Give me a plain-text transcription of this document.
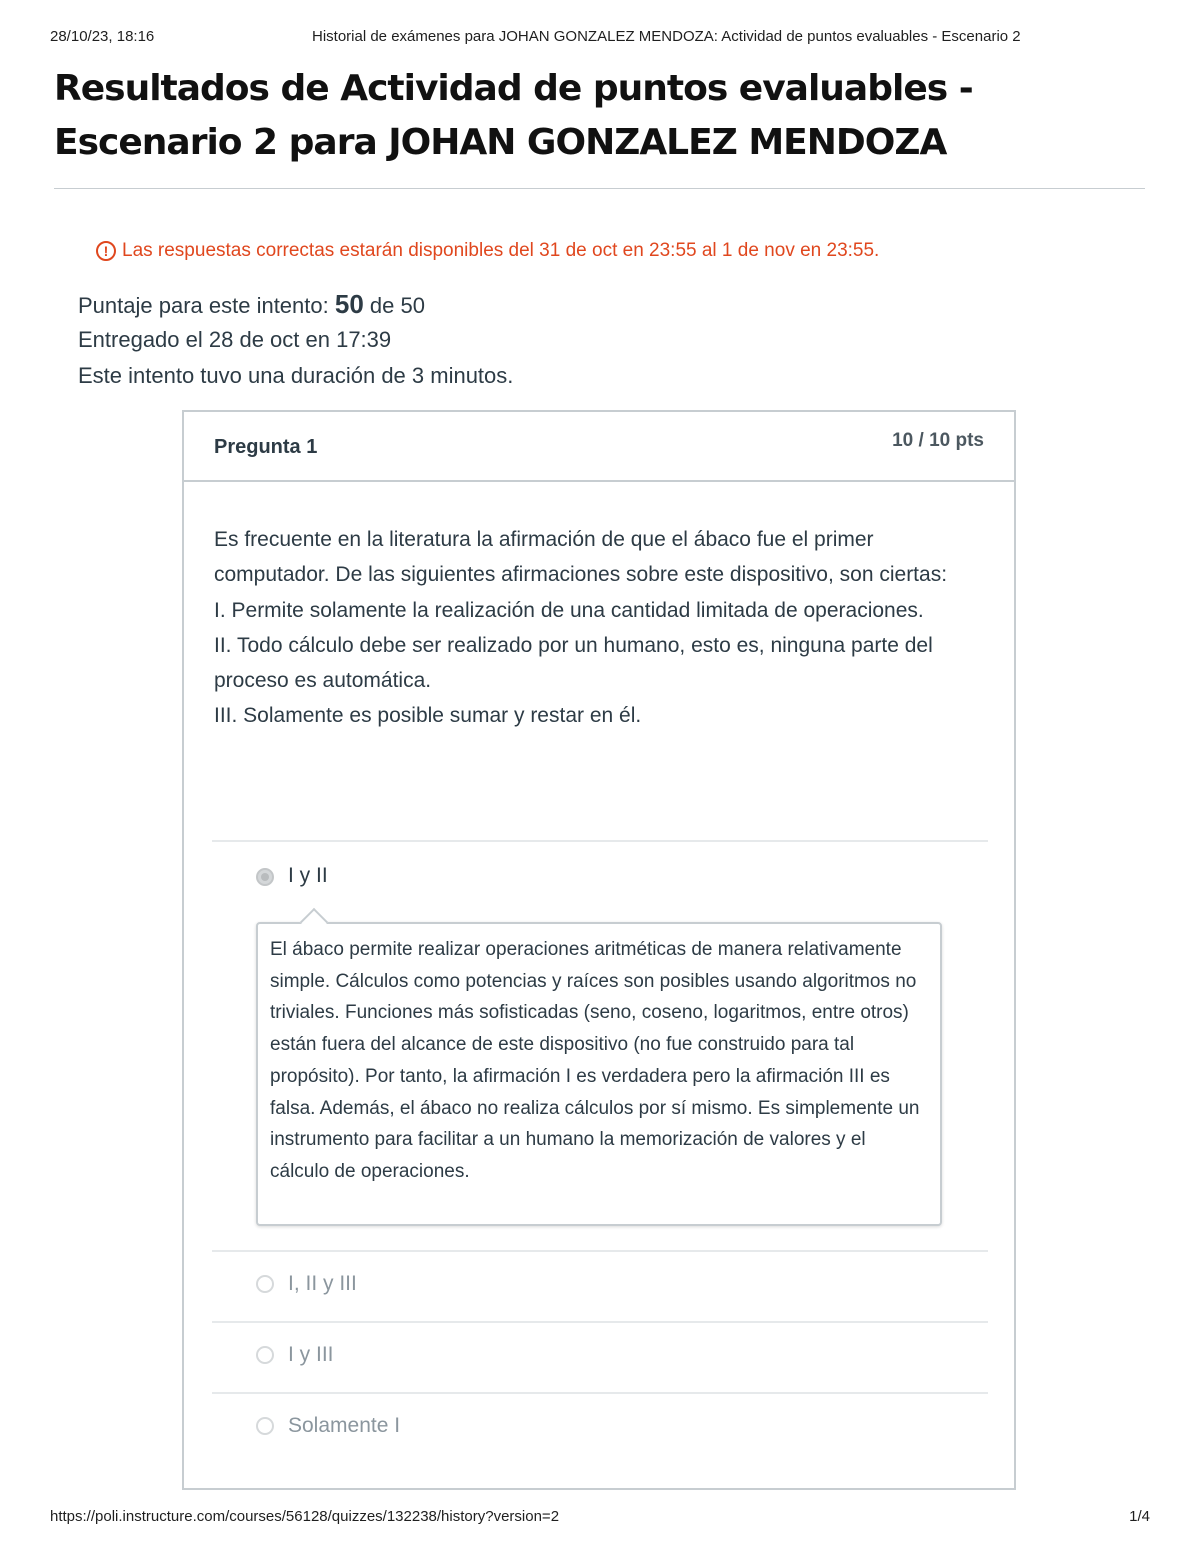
28/10/23, 18:16	Historial de exámenes para JOHAN GONZALEZ MENDOZA: Actividad de puntos evaluables - Escenario 2
Resultados de Actividad de puntos evaluables -
Escenario 2 para JOHAN GONZALEZ MENDOZA
! Las respuestas correctas estarán disponibles del 31 de oct en 23:55 al 1 de nov en 23:55.
Puntaje para este intento: 50 de 50
Entregado el 28 de oct en 17:39
Este intento tuvo una duración de 3 minutos.
Pregunta 1	10 / 10 pts

Es frecuente en la literatura la afirmación de que el ábaco fue el primer computador. De las siguientes afirmaciones sobre este dispositivo, son ciertas:

I. Permite solamente la realización de una cantidad limitada de operaciones.

II. Todo cálculo debe ser realizado por un humano, esto es, ninguna parte del proceso es automática.

III. Solamente es posible sumar y restar en él.

I y II
El ábaco permite realizar operaciones aritméticas de manera relativamente simple. Cálculos como potencias y raíces son posibles usando algoritmos no triviales. Funciones más sofisticadas (seno, coseno, logaritmos, entre otros) están fuera del alcance de este dispositivo (no fue construido para tal propósito). Por tanto, la afirmación I es verdadera pero la afirmación III es falsa. Además, el ábaco no realiza cálculos por sí mismo. Es simplemente un instrumento para facilitar a un humano la memorización de valores y el cálculo de operaciones.
I, II y III
I y III
Solamente I
https://poli.instructure.com/courses/56128/quizzes/132238/history?version=2	1/4
